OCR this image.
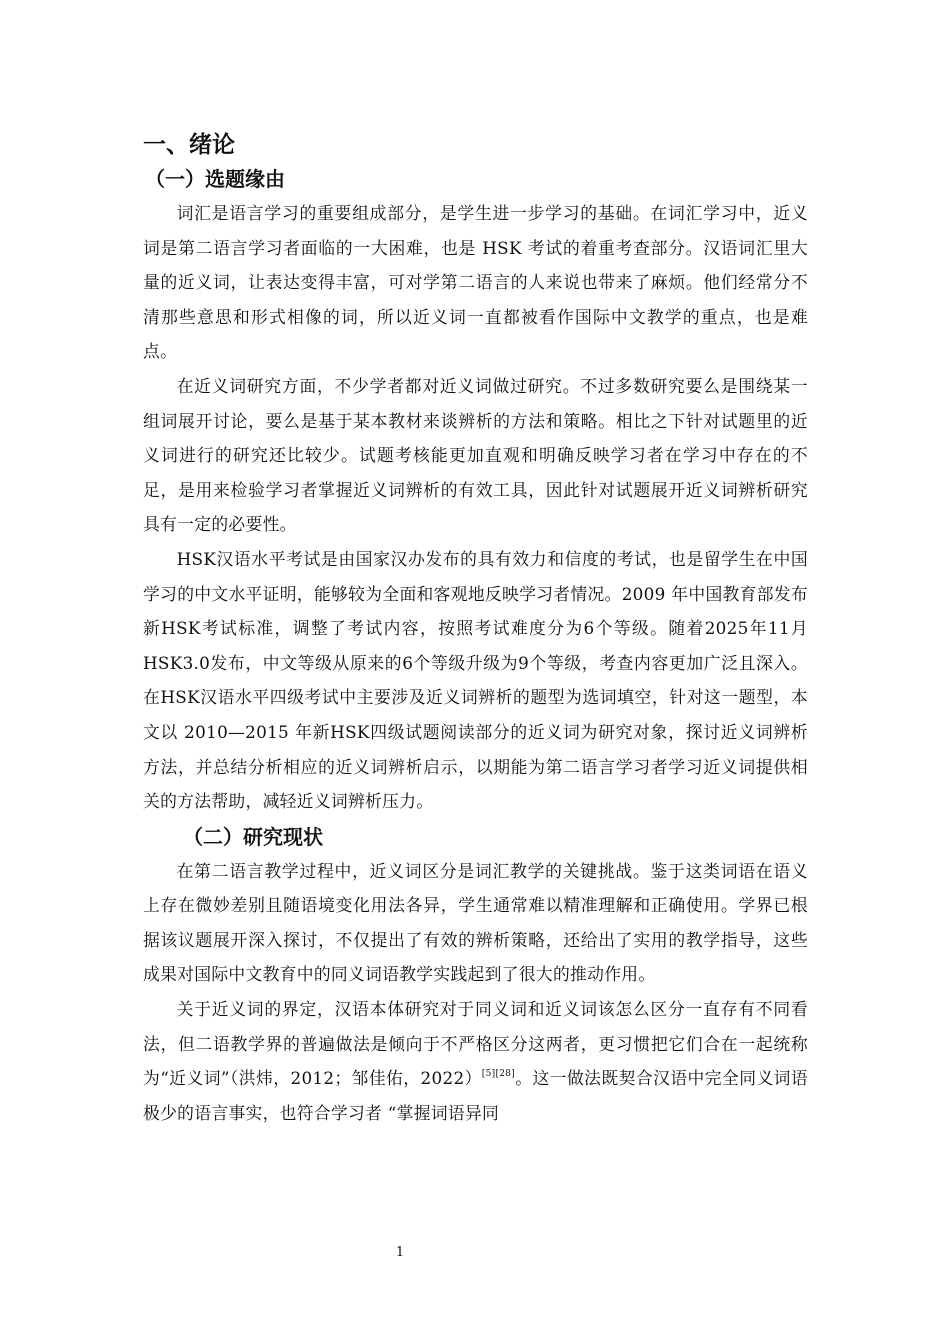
一、绪论
（一）选题缘由

词汇是语言学习的重要组成部分，是学生进一步学习的基础。在词汇学习中，近义词是第二语言学习者面临的一大困难，也是 HSK 考试的着重考查部分。汉语词汇里大量的近义词，让表达变得丰富，可对学第二语言的人来说也带来了麻烦。他们经常分不清那些意思和形式相像的词，所以近义词一直都被看作国际中文教学的重点，也是难点。

在近义词研究方面，不少学者都对近义词做过研究。不过多数研究要么是围绕某一组词展开讨论，要么是基于某本教材来谈辨析的方法和策略。相比之下针对试题里的近义词进行的研究还比较少。试题考核能更加直观和明确反映学习者在学习中存在的不足，是用来检验学习者掌握近义词辨析的有效工具，因此针对试题展开近义词辨析研究具有一定的必要性。

HSK汉语水平考试是由国家汉办发布的具有效力和信度的考试，也是留学生在中国学习的中文水平证明，能够较为全面和客观地反映学习者情况。2009 年中国教育部发布新HSK考试标准，调整了考试内容，按照考试难度分为6个等级。随着2025年11月HSK3.0发布，中文等级从原来的6个等级升级为9个等级，考查内容更加广泛且深入。在HSK汉语水平四级考试中主要涉及近义词辨析的题型为选词填空，针对这一题型，本文以 2010—2015 年新HSK四级试题阅读部分的近义词为研究对象，探讨近义词辨析方法，并总结分析相应的近义词辨析启示，以期能为第二语言学习者学习近义词提供相关的方法帮助，减轻近义词辨析压力。

（二）研究现状

在第二语言教学过程中，近义词区分是词汇教学的关键挑战。鉴于这类词语在语义上存在微妙差别且随语境变化用法各异，学生通常难以精准理解和正确使用。学界已根据该议题展开深入探讨，不仅提出了有效的辨析策略，还给出了实用的教学指导，这些成果对国际中文教育中的同义词语教学实践起到了很大的推动作用。

关于近义词的界定，汉语本体研究对于同义词和近义词该怎么区分一直存有不同看法，但二语教学界的普遍做法是倾向于不严格区分这两者，更习惯把它们合在一起统称为“近义词”（洪炜，2012；邹佳佑，2022）[5][28]。这一做法既契合汉语中完全同义词语极少的语言事实，也符合学习者 “掌握词语异同

1
